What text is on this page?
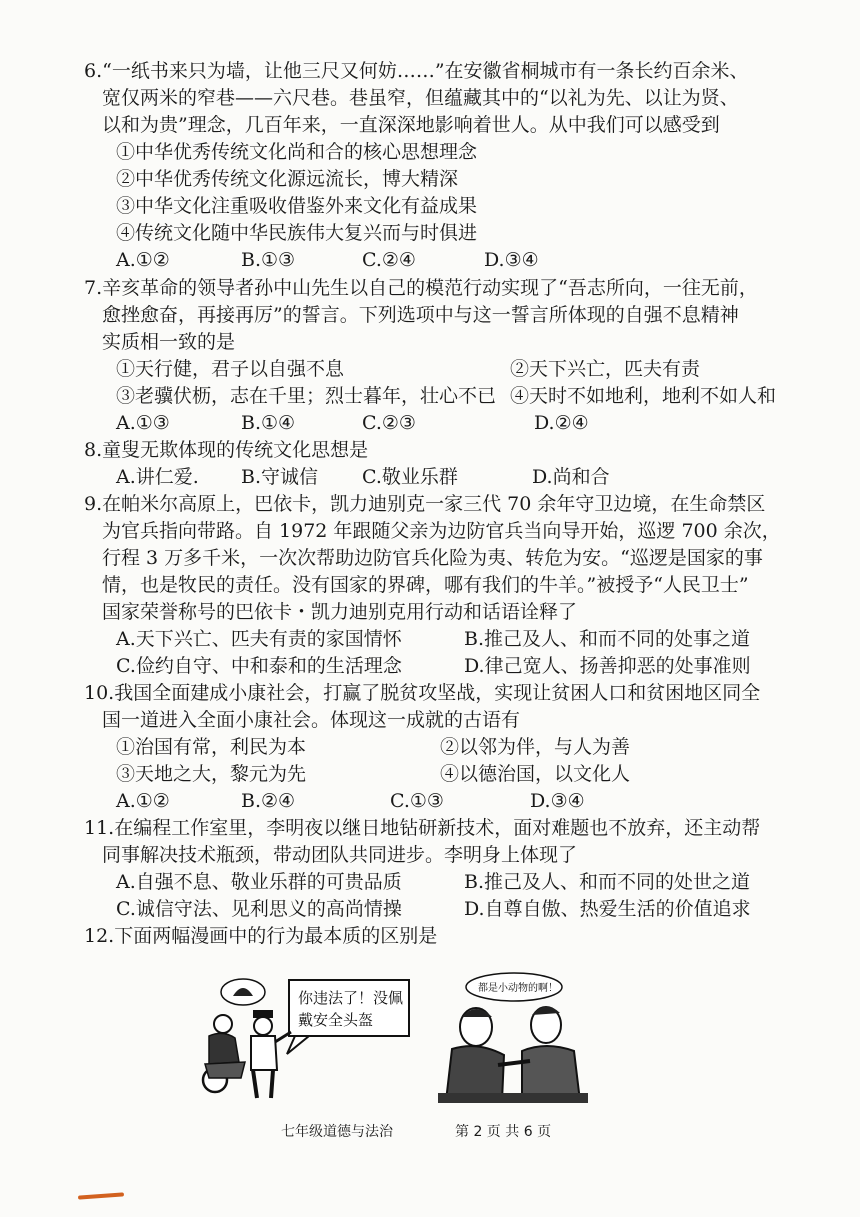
6.“一纸书来只为墙，让他三尺又何妨……”在安徽省桐城市有一条长约百余米、
宽仅两米的窄巷——六尺巷。巷虽窄，但蕴藏其中的“以礼为先、以让为贤、
以和为贵”理念，几百年来，一直深深地影响着世人。从中我们可以感受到
①中华优秀传统文化尚和合的核心思想理念
②中华优秀传统文化源远流长，博大精深
③中华文化注重吸收借鉴外来文化有益成果
④传统文化随中华民族伟大复兴而与时俱进
A.①②	B.①③	C.②④	D.③④
7.辛亥革命的领导者孙中山先生以自己的模范行动实现了“吾志所向，一往无前，
愈挫愈奋，再接再厉”的誓言。下列选项中与这一誓言所体现的自强不息精神
实质相一致的是
①天行健，君子以自强不息	②天下兴亡，匹夫有责
③老骥伏枥，志在千里；烈士暮年，壮心不已 ④天时不如地利，地利不如人和
A.①③	B.①④	C.②③	D.②④
8.童叟无欺体现的传统文化思想是
A.讲仁爱. B.守诚信 C.敬业乐群	D.尚和合
9.在帕米尔高原上，巴依卡，凯力迪别克一家三代 70 余年守卫边境，在生命禁区
为官兵指向带路。自 1972 年跟随父亲为边防官兵当向导开始，巡逻 700 余次，
行程 3 万多千米，一次次帮助边防官兵化险为夷、转危为安。“巡逻是国家的事
情，也是牧民的责任。没有国家的界碑，哪有我们的牛羊。”被授予“人民卫士”
国家荣誉称号的巴依卡・凯力迪别克用行动和话语诠释了
A.天下兴亡、匹夫有责的家国情怀	B.推己及人、和而不同的处事之道
C.俭约自守、中和泰和的生活理念	D.律己宽人、扬善抑恶的处事准则
10.我国全面建成小康社会，打赢了脱贫攻坚战，实现让贫困人口和贫困地区同全
国一道进入全面小康社会。体现这一成就的古语有
①治国有常，利民为本	②以邻为伴，与人为善
③天地之大，黎元为先	④以德治国，以文化人
A.①②	B.②④	C.①③	D.③④
11.在编程工作室里，李明夜以继日地钻研新技术，面对难题也不放弃，还主动帮
同事解决技术瓶颈，带动团队共同进步。李明身上体现了
A.自强不息、敬业乐群的可贵品质	B.推己及人、和而不同的处世之道
C.诚信守法、见利思义的高尚情操	D.自尊自傲、热爱生活的价值追求
12.下面两幅漫画中的行为最本质的区别是
你违法了！没佩
戴安全头盔
都是小动物的啊！
七年级道德与法治	第 2 页 共 6 页
